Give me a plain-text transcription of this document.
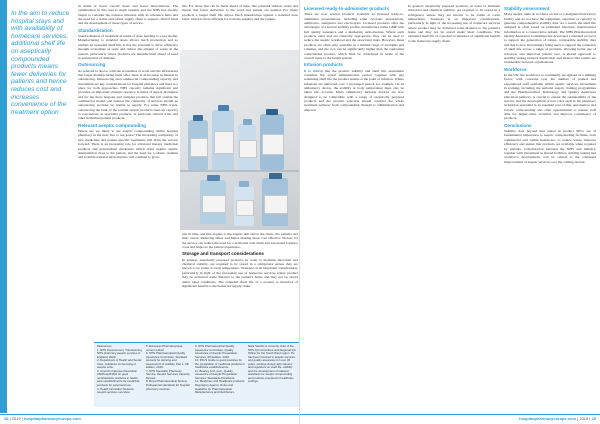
In the aim to reduce hospital stays and with availability of homecare services, additional shelf life on aseptically compounded products means fewer deliveries for patients and hence reduces cost and increases convenience of the treatment option

in terms of fewer overall doses and fewer interventions. The optimization in this area is much needed, and the NHS has already begun to consider the national situation with its reference hubs and the need for a stable and robust supply chain to support clinical trials and the development of these types of service.

Standardisation

Standardisation of treatment in terms of dose banding is a key theme. Manufacturing to standard doses allows batch production and so enables an extended shelf life. It has the potential to drive efficiency through economies of scale and reduce the amount of waste in the system, particularly where products are manufactured ahead of need in anticipation of demand.

Outsourcing

As referred to above, with the economies of scale and the efficiencies that larger manufacturing units offer, there is an increase in interest in outsourcing. Outsourcing and commercial compounding capacity and investment are key considerations for hospital pharmacy and there is a place for both approaches. NHS capacity remains significant and provides an important strategic resource in times of supply disruption and for the more bespoke and complex products that fall outside the commercial model, and ensures the continuity of services should an outsourcing provider be unable to supply. For some NHS trusts, outsourcing the bulk of the routine aseptic products frees up capacity to concentrate on specialist products, in particular clinical trials and other individual patient products.

Relevant aseptic compounding

Where are we likely to see aseptic compounding within hospital pharmacy in the next five to ten years? The increasing complexity of new medicines and patient-specific treatments will drive the service forward. There is an increasing role for advanced therapy medicinal products and personalised medicines which often require aseptic manipulation close to the patient, and the need for a robust, resilient and scalable national infrastructure will continue to grow.

life. For those that can be made ahead of time, this potential reduces waste and means that fewer deliveries to the ward and patient are needed. For many products a longer shelf life allows batch manufacture against a standard dose band, which is more efficient for both the supplier and the patient.

just in time, and this applies to the aseptic unit and to the clinic, the patients and their carers. Reducing times and hence making more cost effective choices for the service can reduce the need for a dedicated cold chain and associated logistics costs and improve the patient experience.

Storage and transport considerations

In general, aseptically prepared products, in order to maintain microbial and chemical stability, are required to be stored in a refrigerator unless they are known to be stable at room temperature. Transport is an important consideration, particularly in light of the increasing use of homecare services where product may be delivered some distance to the patient's home and may not be stored under ideal conditions. The extended shelf life of a product is therefore of significant benefit to the homecare supply chain.

28 | 2019 | hospitalpharmacyeurope.com
Licensed ready-to-administer products

There are now several products available as licensed ready-to-administer presentations, including some cytotoxic preparations, antibiotics, analgesics and electrolytes. Licensed products offer the advantages of a known stability profile, manufacture under GMP with full quality assurance and a marketing authorisation. Where such products exist and are clinically appropriate, they can be used to reduce the aseptic workload and the associated risks. However, these products are often only available in a limited range of strengths and volumes, and the cost can be significantly higher than the equivalent compounded product, which must be considered in terms of the overall value to the health system.

Infusion products

It is critical that the product stability and shelf life assessment considers the actual administration period, together with any remaining shelf life the product retains at the point of infusion. Where infusions are delivered over a prolonged period, for example via an ambulatory device, the stability at body temperature must also be taken into account. Many ambulatory infusion devices are now designed to be compatible with a range of aseptically prepared products and the product selection should consider the whole treatment pathway from compounding through to administration and disposal.

In general, aseptically prepared products, in order to maintain microbial and chemical stability, are required to be stored in a refrigerator unless they are known to be stable at room temperature. Transport is an important consideration, particularly in light of the increasing use of homecare services where product may be delivered some distance to the patient's home and may not be stored under ideal conditions. The extended shelf life of a product is therefore of significant benefit to the homecare supply chain.

Stability assessment

Many aseptic units do not have access to a designated laboratory facility and do not have the equipment, expertise or capacity to generate comprehensive stability data. As a result, the shelf life assigned is often based on published literature, manufacturer information or a conservative default. The NHS Pharmaceutical Quality Assurance Committee has developed a standard protocol to support the generation of robust, comparable stability data and this is now increasingly being used to support the extension of shelf life across a range of products, allowing better use of resources and improved patient care. A shared approach to stability testing reduces duplication and ensures that results are transferable between organisations.

Workforce

In the UK, the workforce is continually recognised as a limiting factor, with concerns over the number of trained and experienced staff available within aseptic services. Investment in training, including the national aseptic training programmes and the Pharmaceutical Technology and Quality Assurance education pathway, is crucial to ensure the sustainability of the service, and the development of new roles such as the pharmacy technician specialist is an essential part of this. Automation and robotic compounding also offer opportunities to release staff time for higher-value activities and improve consistency of products.

Conclusions

Stability data beyond that stated in product SPCs are of fundamental importance to aseptic compounding facilities, both commercial and within healthcare, to reduce waste, improve efficiency and ensure that products are available when required by patients. Collaboration between the NHS and industry, together with investment in shared facilities, stability testing and workforce development, will be central to the continued improvement of aseptic services over the coming decade.

hospitalpharmacyeurope.com | 2019 | 29
References
1. NHS Improvement, Transforming NHS pharmacy aseptic services in England, 2020.
2. Department of Health and Social Care, Guidance on licensing of aseptic units.
3. Council of Europe Resolution CM/Res(2016)2 on good reconstitution practices in health care establishments for medicinal products for parenteral use.
4. Health Innovation Network, Aseptic services overview.
5. European Pharmacopoeia, current edition.
6. NHS Pharmaceutical Quality Assurance Committee, Standard protocol for deriving and assessment of stability, Part 1, 5th Edition, 2019.
7. NHS Specialist Pharmacy Service, Aseptic Services Capacity Review.
8. Royal Pharmaceutical Society, Professional standards for hospital pharmacy services.
9. NHS Pharmaceutical Quality Assurance Committee, Quality Assurance of Aseptic Preparation Services, 5th Edition, 2016.
10. PIC/S Guide to good practices for the preparation of medicinal products in healthcare establishments.
11. Beaney A.M. (ed.), Quality Assurance of Aseptic Preparation Services: Standards Handbook.
12. Medicines and Healthcare products Regulatory Agency, Rules and Guidance for Pharmaceutical Manufacturers and Distributors.
Mark Santillo is currently chair of the NHS QA Committee and Regional QA Officer for the South West region. He has been involved in aseptic services and quality assurance for over 30 years, working closely with industry and regulators on shelf life, stability and the development of national standards for aseptic compounding and products prepared in healthcare settings.
